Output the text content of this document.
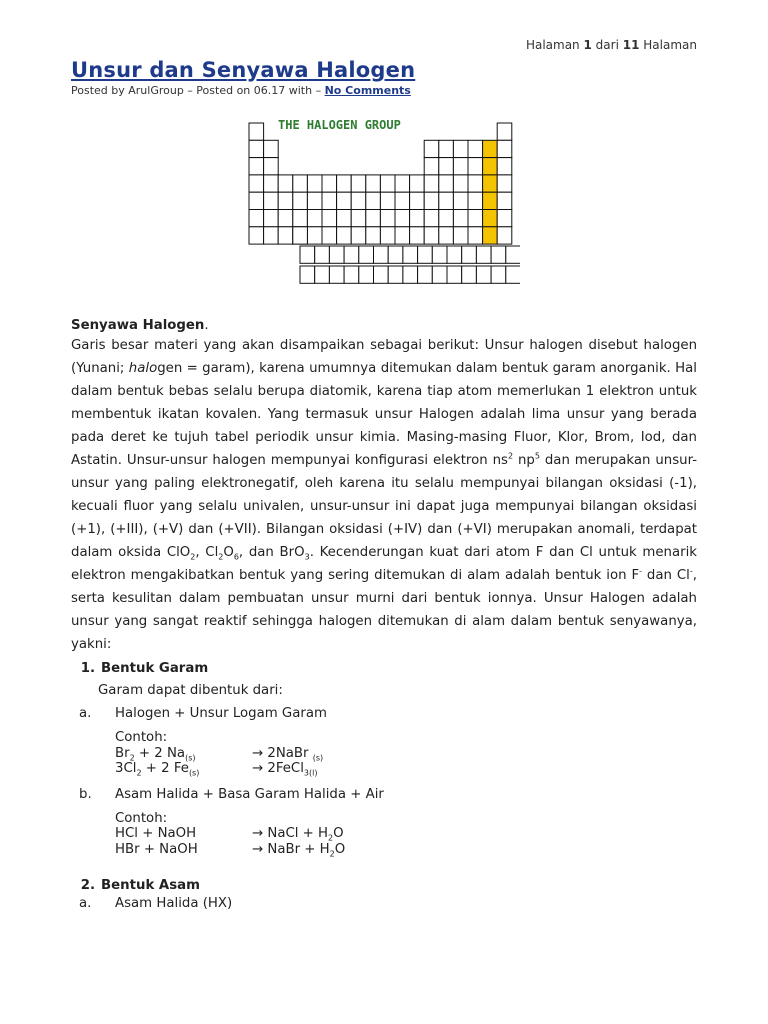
Halaman 1 dari 11 Halaman
Unsur dan Senyawa Halogen
Posted by ArulGroup – Posted on 06.17 with – No Comments
THE HALOGEN GROUP
Senyawa Halogen.

Garis besar materi yang akan disampaikan sebagai berikut: Unsur halogen disebut halogen (Yunani; halogen = garam), karena umumnya ditemukan dalam bentuk garam anorganik. Hal dalam bentuk bebas selalu berupa diatomik, karena tiap atom memerlukan 1 elektron untuk membentuk ikatan kovalen. Yang termasuk unsur Halogen adalah lima unsur yang berada pada deret ke tujuh tabel periodik unsur kimia. Masing-masing Fluor, Klor, Brom, Iod, dan Astatin. Unsur-unsur halogen mempunyai konfigurasi elektron $ns^2$ $np^5$ dan merupakan unsur-unsur yang paling elektronegatif, oleh karena itu selalu mempunyai bilangan oksidasi (-1), kecuali fluor yang selalu univalen, unsur-unsur ini dapat juga mempunyai bilangan oksidasi (+1), (+III), (+V) dan (+VII). Bilangan oksidasi (+IV) dan (+VI) merupakan anomali, terdapat dalam oksida ClO$_2$, $Cl_2O_6$, dan BrO$_3$. Kecenderungan kuat dari atom F dan Cl untuk menarik elektron mengakibatkan bentuk yang sering ditemukan di alam adalah bentuk ion F- dan Cl-, serta kesulitan dalam pembuatan unsur murni dari bentuk ionnya. Unsur Halogen adalah unsur yang sangat reaktif sehingga halogen ditemukan di alam dalam bentuk senyawanya, yakni:

1. Bentuk Garam
Garam dapat dibentuk dari:
a.	Halogen + Unsur Logam Garam
Contoh:
$Br_2 + 2$ $Na_{(s)}$	→ 2NaBr $_{(s)}$
$3Cl_2 + 2$ $Fe_{(s)}$	→ 2FeCl$_{3(l)}$
b.	Asam Halida + Basa Garam Halida + Air
Contoh:
HCl + NaOH	→ NaCl + $H_2O$
HBr + NaOH	→ NaBr + $H_2O$
2. Bentuk Asam
a.	Asam Halida (HX)
